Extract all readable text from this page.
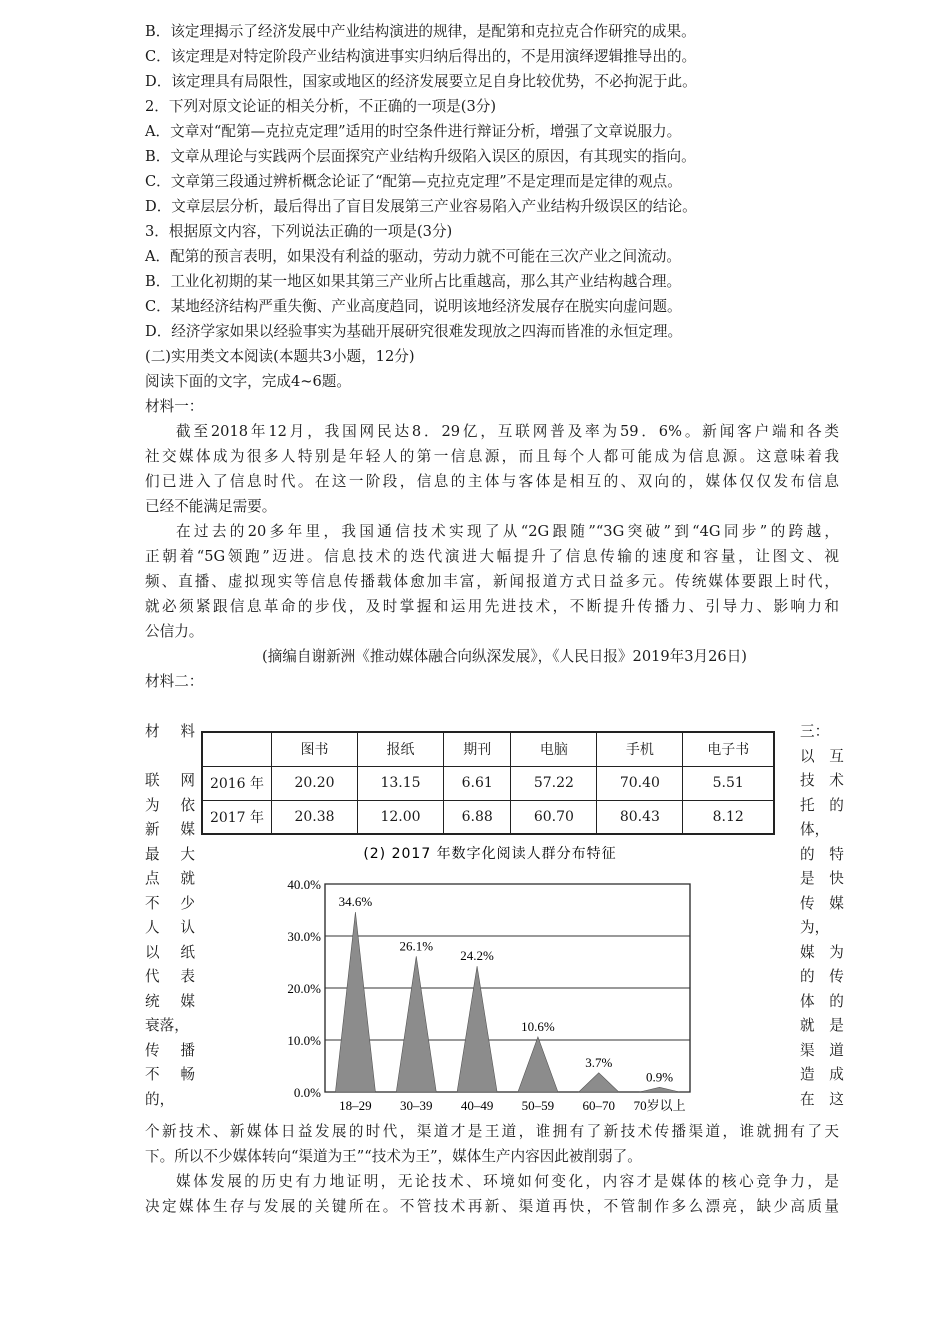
B．该定理揭示了经济发展中产业结构演进的规律，是配第和克拉克合作研究的成果。
C．该定理是对特定阶段产业结构演进事实归纳后得出的，不是用演绎逻辑推导出的。
D．该定理具有局限性，国家或地区的经济发展要立足自身比较优势，不必拘泥于此。
2．下列对原文论证的相关分析，不正确的一项是(3分)
A．文章对“配第—克拉克定理”适用的时空条件进行辩证分析，增强了文章说服力。
B．文章从理论与实践两个层面探究产业结构升级陷入误区的原因，有其现实的指向。
C．文章第三段通过辨析概念论证了“配第—克拉克定理”不是定理而是定律的观点。
D．文章层层分析，最后得出了盲目发展第三产业容易陷入产业结构升级误区的结论。
3．根据原文内容，下列说法正确的一项是(3分)
A．配第的预言表明，如果没有利益的驱动，劳动力就不可能在三次产业之间流动。
B．工业化初期的某一地区如果其第三产业所占比重越高，那么其产业结构越合理。
C．某地经济结构严重失衡、产业高度趋同，说明该地经济发展存在脱实向虚问题。
D．经济学家如果以经验事实为基础开展研究很难发现放之四海而皆准的永恒定理。
(二)实用类文本阅读(本题共3小题，12分)
阅读下面的文字，完成4~6题。
材料一：
截至2018年12月，我国网民达8．29亿，互联网普及率为59．6%。新闻客户端和各类
社交媒体成为很多人特别是年轻人的第一信息源，而且每个人都可能成为信息源。这意味着我
们已进入了信息时代。在这一阶段，信息的主体与客体是相互的、双向的，媒体仅仅发布信息
已经不能满足需要。
在过去的20多年里，我国通信技术实现了从“2G跟随”“3G突破”到“4G同步”的跨越，
正朝着“5G领跑”迈进。信息技术的迭代演进大幅提升了信息传输的速度和容量，让图文、视
频、直播、虚拟现实等信息传播载体愈加丰富，新闻报道方式日益多元。传统媒体要跟上时代，
就必须紧跟信息革命的步伐，及时掌握和运用先进技术，不断提升传播力、引导力、影响力和
公信力。
(摘编自谢新洲《推动媒体融合向纵深发展》，《人民日报》2019年3月26日)
材料二：
	图书	报纸	期刊	电脑	手机	电子书
2016 年	20.20	13.15	6.61	57.22	70.40	5.51
2017 年	20.38	12.00	6.88	60.70	80.43	8.12
(2) 2017 年数字化阅读人群分布特征
0.0%
10.0%
20.0%
30.0%
40.0%
34.6%
18–29
26.1%
30–39
24.2%
40–49
10.6%
50–59
3.7%
60–70
0.9%
70岁以上
个新技术、新媒体日益发展的时代，渠道才是王道，谁拥有了新技术传播渠道，谁就拥有了天
下。所以不少媒体转向“渠道为王”“技术为王”，媒体生产内容因此被削弱了。
媒体发展的历史有力地证明，无论技术、环境如何变化，内容才是媒体的核心竞争力，是
决定媒体生存与发展的关键所在。不管技术再新、渠道再快，不管制作多么漂亮，缺少高质量
材　料
联　网
为　依
新　媒
最　大
点　就
不　少
人　认
以　纸
代　表
统　媒
衰落，
传　播
不　畅
的，
三：
以　互
技　术
托　的
体，
的　特
是　快
传　媒
为，
媒　为
的　传
体　的
就　是
渠　道
造　成
在　这
